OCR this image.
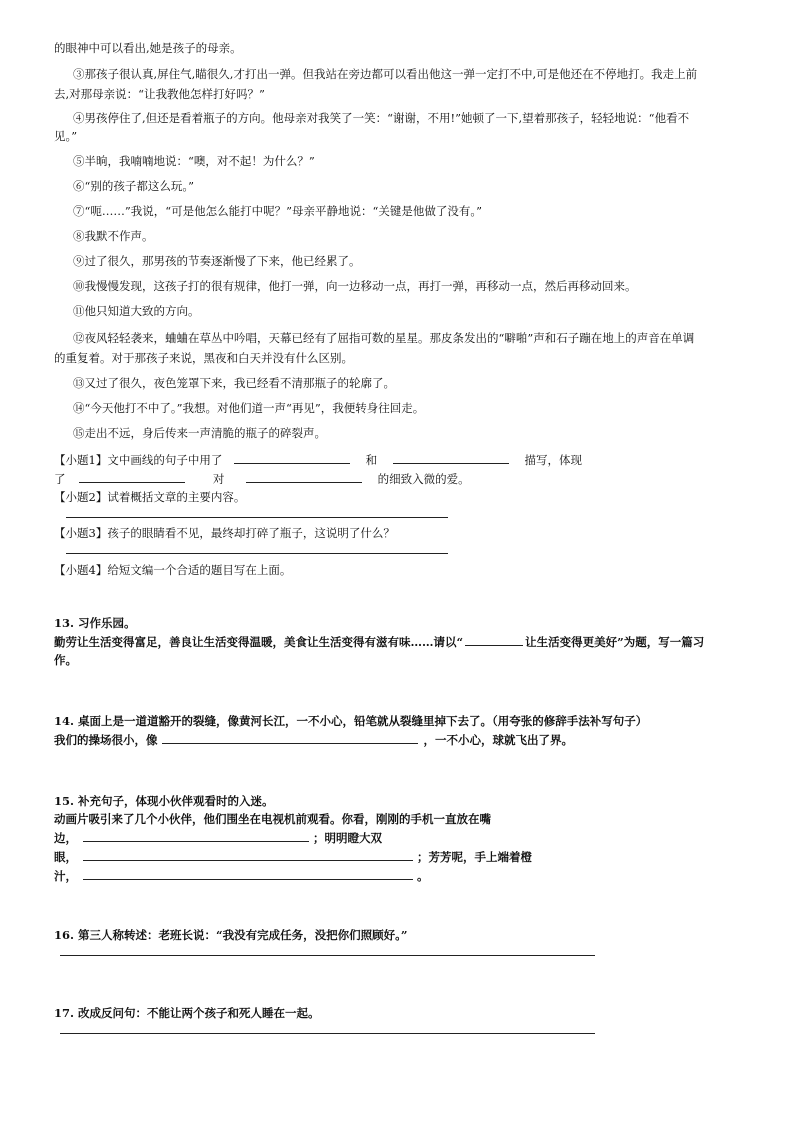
的眼神中可以看出,她是孩子的母亲。
③那孩子很认真,屏住气,瞄很久,才打出一弹。但我站在旁边都可以看出他这一弹一定打不中,可是他还在不停地打。我走上前
去,对那母亲说：“让我教他怎样打好吗？”
④男孩停住了,但还是看着瓶子的方向。他母亲对我笑了一笑：“谢谢，不用!”她顿了一下,望着那孩子，轻轻地说：“他看不
见。”
⑤半晌，我喃喃地说：“噢，对不起！为什么？”
⑥“别的孩子都这么玩。”
⑦“呃……”我说，“可是他怎么能打中呢？”母亲平静地说：“关键是他做了没有。”
⑧我默不作声。
⑨过了很久，那男孩的节奏逐渐慢了下来，他已经累了。
⑩我慢慢发现，这孩子打的很有规律，他打一弹，向一边移动一点，再打一弹，再移动一点，然后再移动回来。
⑪他只知道大致的方向。
⑫夜风轻轻袭来，蛐蛐在草丛中吟唱，天幕已经有了屈指可数的星星。那皮条发出的“噼啪”声和石子蹦在地上的声音在单调
的重复着。对于那孩子来说，黑夜和白天并没有什么区别。
⑬又过了很久，夜色笼罩下来，我已经看不清那瓶子的轮廓了。
⑭“今天他打不中了。”我想。对他们道一声“再见”，我便转身往回走。
⑮走出不远，身后传来一声清脆的瓶子的碎裂声。
【小题1】文中画线的句子中用了	和	描写，体现
了	对	的细致入微的爱。
【小题2】试着概括文章的主要内容。
【小题3】孩子的眼睛看不见，最终却打碎了瓶子，这说明了什么？
【小题4】给短文编一个合适的题目写在上面。
13. 习作乐园。
勤劳让生活变得富足，善良让生活变得温暖，美食让生活变得有滋有味……请以“	让生活变得更美好”为题，写一篇习
作。
14. 桌面上是一道道豁开的裂缝，像黄河长江，一不小心，铅笔就从裂缝里掉下去了。（用夸张的修辞手法补写句子）
我们的操场很小，像	，一不小心，球就飞出了界。
15. 补充句子，体现小伙伴观看时的入迷。
动画片吸引来了几个小伙伴，他们围坐在电视机前观看。你看，刚刚的手机一直放在嘴
边，	；明明瞪大双
眼，	；芳芳呢，手上端着橙
汁，	。
16. 第三人称转述：老班长说：“我没有完成任务，没把你们照顾好。”
17. 改成反问句：不能让两个孩子和死人睡在一起。
